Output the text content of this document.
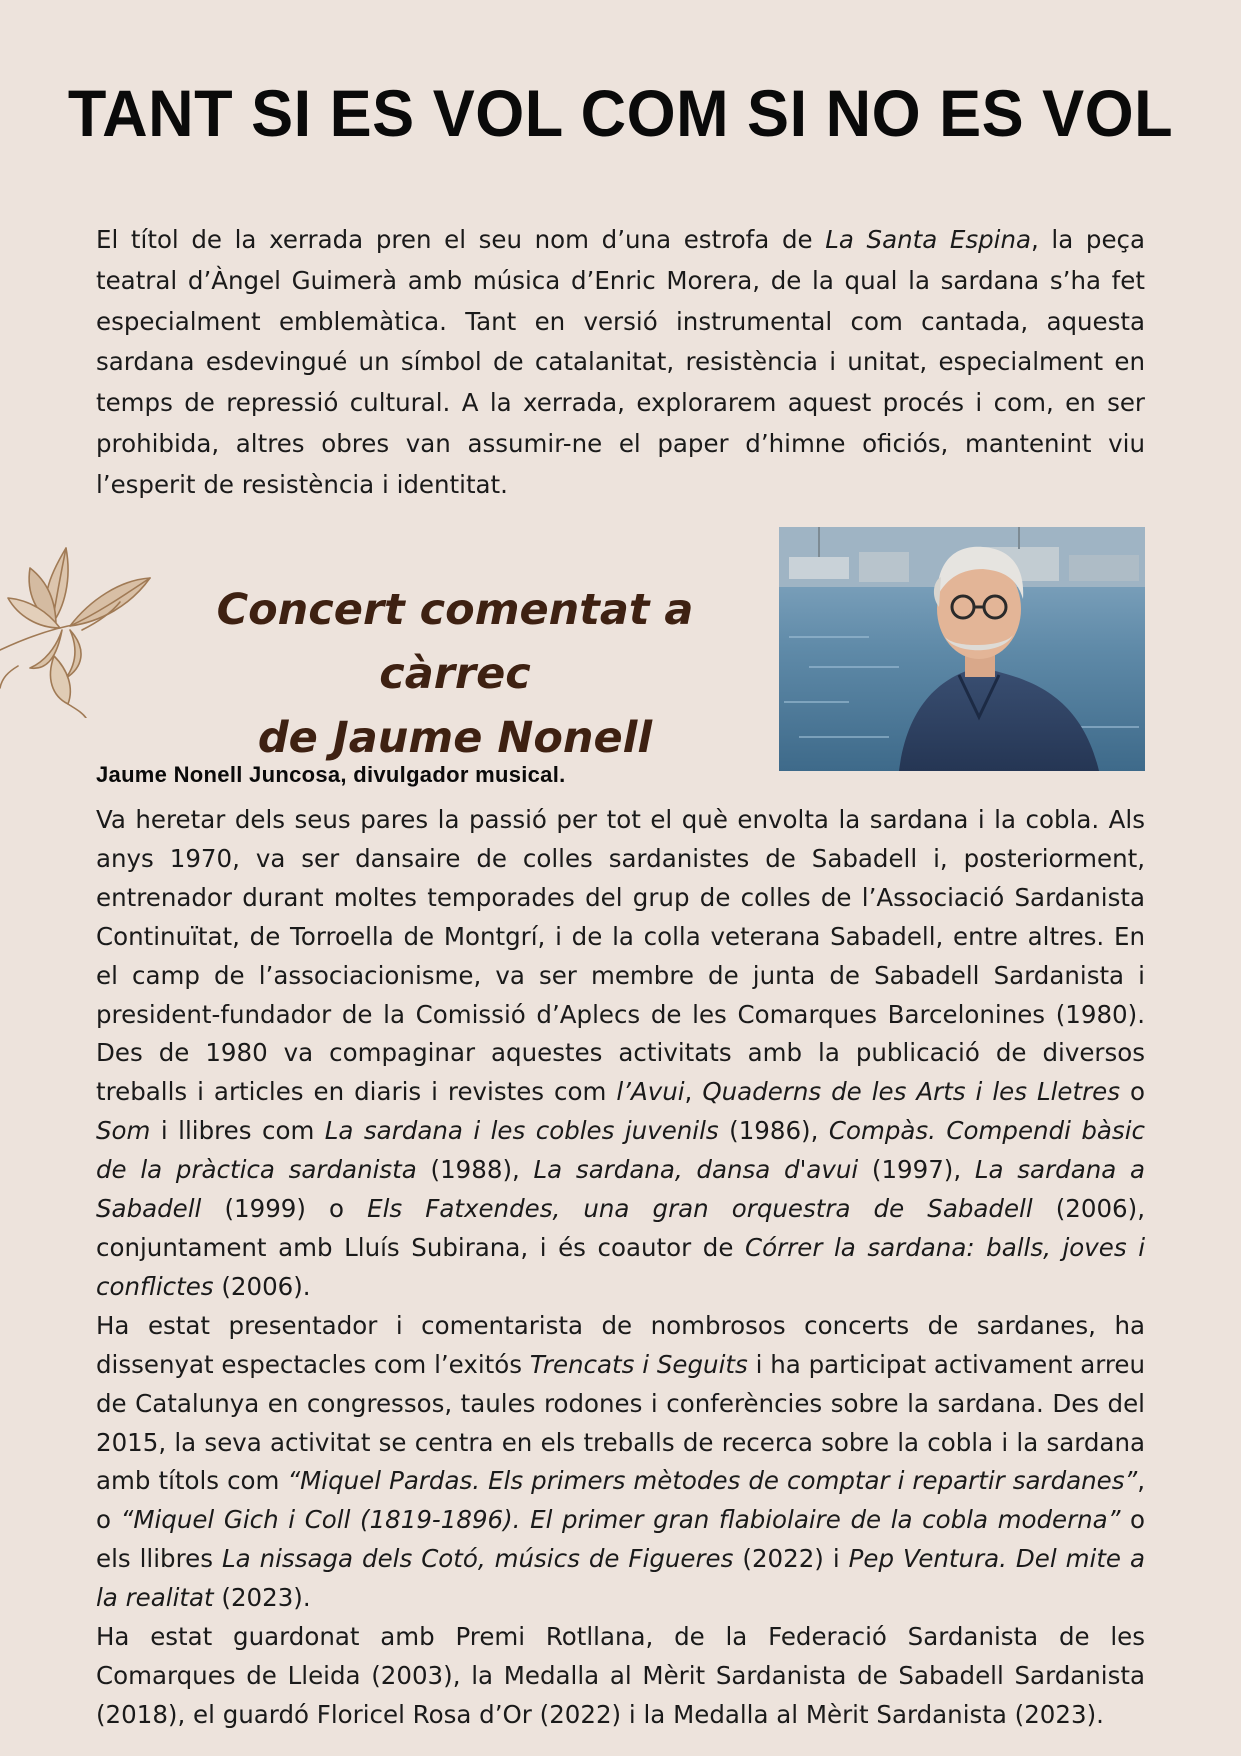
TANT SI ES VOL COM SI NO ES VOL

El títol de la xerrada pren el seu nom d’una estrofa de La Santa Espina, la peça teatral d’Àngel Guimerà amb música d’Enric Morera, de la qual la sardana s’ha fet especialment emblemàtica. Tant en versió instrumental com cantada, aquesta sardana esdevingué un símbol de catalanitat, resistència i unitat, especialment en temps de repressió cultural. A la xerrada, explorarem aquest procés i com, en ser prohibida, altres obres van assumir-ne el paper d’himne oficiós, mantenint viu l’esperit de resistència i identitat.

Concert comentat a càrrec
de Jaume Nonell
Jaume Nonell Juncosa, divulgador musical.
Va heretar dels seus pares la passió per tot el què envolta la sardana i la cobla. Als anys 1970, va ser dansaire de colles sardanistes de Sabadell i, posteriorment, entrenador durant moltes temporades del grup de colles de l’Associació Sardanista Continuïtat, de Torroella de Montgrí, i de la colla veterana Sabadell, entre altres. En el camp de l’associacionisme, va ser membre de junta de Sabadell Sardanista i president-fundador de la Comissió d’Aplecs de les Comarques Barcelonines (1980). Des de 1980 va compaginar aquestes activitats amb la publicació de diversos treballs i articles en diaris i revistes com l’Avui, Quaderns de les Arts i les Lletres o Som i llibres com La sardana i les cobles juvenils (1986), Compàs. Compendi bàsic de la pràctica sardanista (1988), La sardana, dansa d'avui (1997), La sardana a Sabadell (1999) o Els Fatxendes, una gran orquestra de Sabadell (2006), conjuntament amb Lluís Subirana, i és coautor de Córrer la sardana: balls, joves i conflictes (2006).
Ha estat presentador i comentarista de nombrosos concerts de sardanes, ha dissenyat espectacles com l’exitós Trencats i Seguits i ha participat activament arreu de Catalunya en congressos, taules rodones i conferències sobre la sardana. Des del 2015, la seva activitat se centra en els treballs de recerca sobre la cobla i la sardana amb títols com “Miquel Pardas. Els primers mètodes de comptar i repartir sardanes”, o “Miquel Gich i Coll (1819-1896). El primer gran flabiolaire de la cobla moderna” o els llibres La nissaga dels Cotó, músics de Figueres (2022) i Pep Ventura. Del mite a la realitat (2023).
Ha estat guardonat amb Premi Rotllana, de la Federació Sardanista de les Comarques de Lleida (2003), la Medalla al Mèrit Sardanista de Sabadell Sardanista (2018), el guardó Floricel Rosa d’Or (2022) i la Medalla al Mèrit Sardanista (2023).
